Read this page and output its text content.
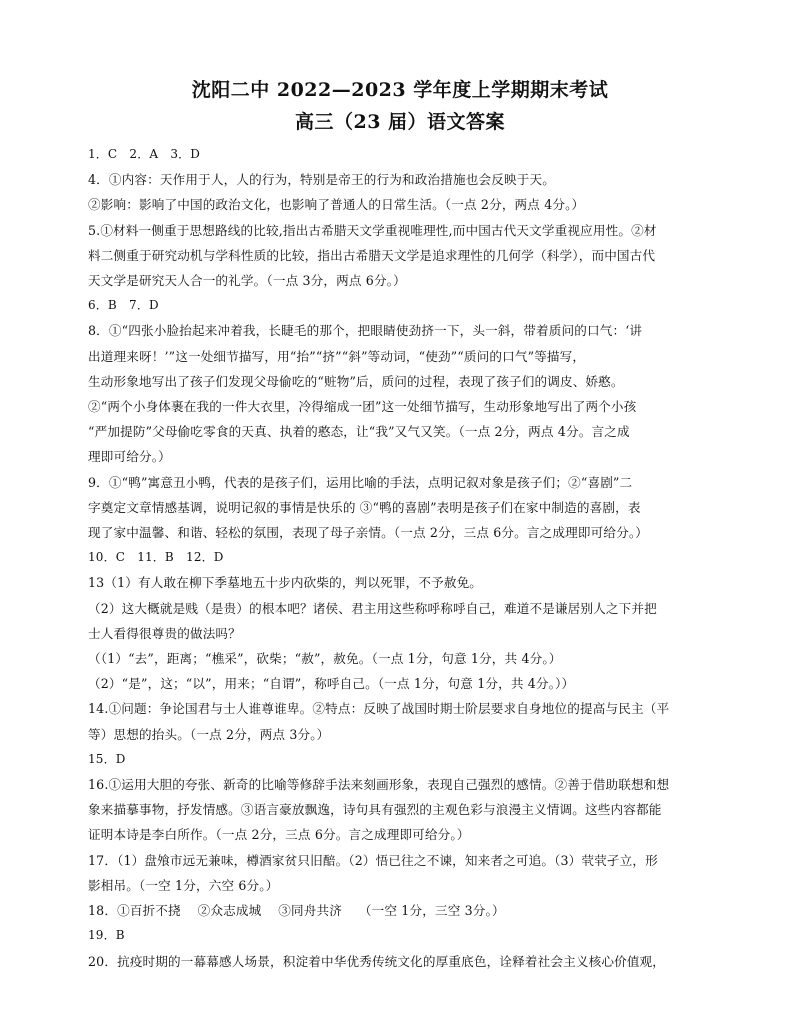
沈阳二中 2022—2023 学年度上学期期末考试
高三（23 届）语文答案

1．C　2．A　3．D

4．①内容：天作用于人，人的行为，特别是帝王的行为和政治措施也会反映于天。

②影响：影响了中国的政治文化，也影响了普通人的日常生活。（一点 2分，两点 4分。）

5.①材料一侧重于思想路线的比较,指出古希腊天文学重视唯理性,而中国古代天文学重视应用性。②材

料二侧重于研究动机与学科性质的比较，指出古希腊天文学是追求理性的几何学（科学），而中国古代

天文学是研究天人合一的礼学。（一点 3分，两点 6分。）

6．B　7．D

8．①“四张小脸抬起来冲着我，长睫毛的那个，把眼睛使劲挤一下，头一斜，带着质问的口气：‘讲

出道理来呀！’”这一处细节描写，用“抬”“挤”“斜”等动词，“使劲”“质问的口气”等描写，

生动形象地写出了孩子们发现父母偷吃的“赃物”后，质问的过程，表现了孩子们的调皮、娇憨。

②“两个小身体裹在我的一件大衣里，冷得缩成一团”这一处细节描写，生动形象地写出了两个小孩

“严加提防”父母偷吃零食的天真、执着的憨态，让“我”又气又笑。（一点 2分，两点 4分。言之成

理即可给分。）

9．①“鸭”寓意丑小鸭，代表的是孩子们，运用比喻的手法，点明记叙对象是孩子们；②“喜剧”二

字奠定文章情感基调，说明记叙的事情是快乐的 ③“鸭的喜剧”表明是孩子们在家中制造的喜剧，表

现了家中温馨、和谐、轻松的氛围，表现了母子亲情。（一点 2分，三点 6分。言之成理即可给分。）

10．C　11．B　12．D

13（1）有人敢在柳下季墓地五十步内砍柴的，判以死罪，不予赦免。

（2）这大概就是贱（是贵）的根本吧？诸侯、君主用这些称呼称呼自己，难道不是谦居别人之下并把

士人看得很尊贵的做法吗？

（（1）“去”，距离；“樵采”，砍柴；“赦”，赦免。（一点 1分，句意 1分，共 4分。）

（2）“是”，这；“以”，用来；“自谓”，称呼自己。（一点 1分，句意 1分，共 4分。））

14.①问题：争论国君与士人谁尊谁卑。②特点：反映了战国时期士阶层要求自身地位的提高与民主（平

等）思想的抬头。（一点 2分，两点 3分。）

15．D

16.①运用大胆的夸张、新奇的比喻等修辞手法来刻画形象，表现自己强烈的感情。②善于借助联想和想

象来描摹事物，抒发情感。③语言豪放飘逸，诗句具有强烈的主观色彩与浪漫主义情调。这些内容都能

证明本诗是李白所作。（一点 2分，三点 6分。言之成理即可给分。）

17．（1）盘飧市远无兼味，樽酒家贫只旧醅。（2）悟已往之不谏，知来者之可追。（3）茕茕孑立，形

影相吊。（一空 1分，六空 6分。）

18．①百折不挠　 ②众志成城　 ③同舟共济　 （一空 1分，三空 3分。）

19．B

20．抗疫时期的一幕幕感人场景，积淀着中华优秀传统文化的厚重底色，诠释着社会主义核心价值观，
